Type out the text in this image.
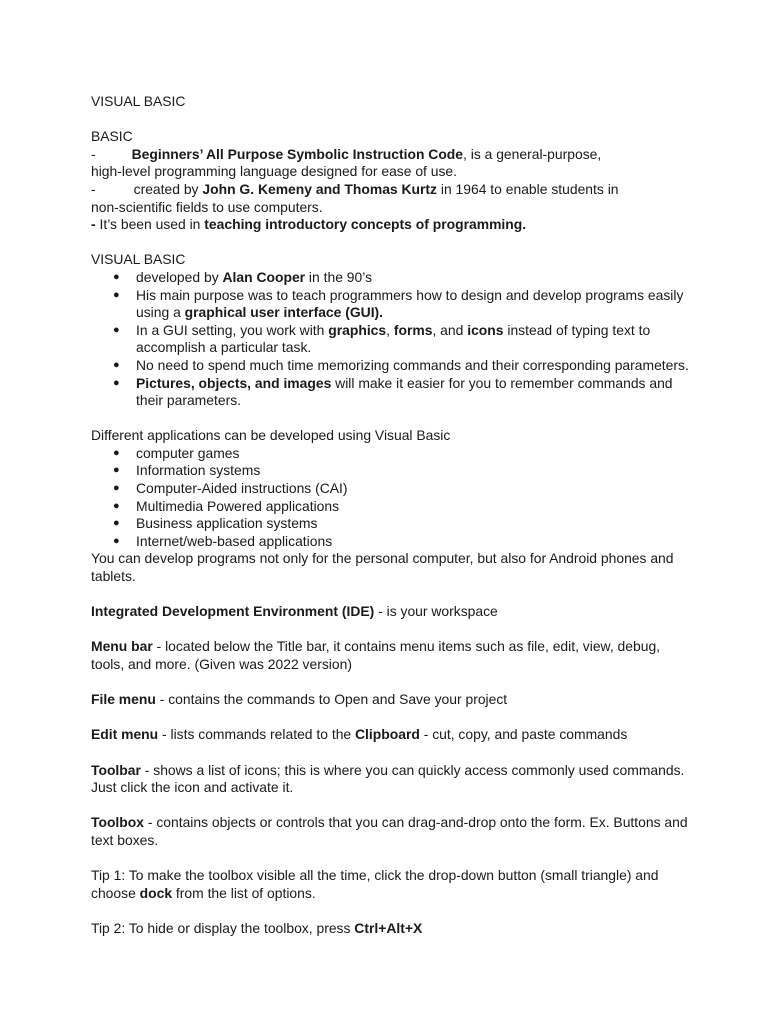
VISUAL BASIC

BASIC

-	Beginners’ All Purpose Symbolic Instruction Code, is a general-purpose,

high-level programming language designed for ease of use.

-	created by John G. Kemeny and Thomas Kurtz in 1964 to enable students in

non-scientific fields to use computers.

- It’s been used in teaching introductory concepts of programming.

VISUAL BASIC

● developed by Alan Cooper in the 90’s
● His main purpose was to teach programmers how to design and develop programs easily using a graphical user interface (GUI).
● In a GUI setting, you work with graphics, forms, and icons instead of typing text to accomplish a particular task.
● No need to spend much time memorizing commands and their corresponding parameters.
● Pictures, objects, and images will make it easier for you to remember commands and their parameters.

Different applications can be developed using Visual Basic

● computer games
● Information systems
● Computer-Aided instructions (CAI)
● Multimedia Powered applications
● Business application systems
● Internet/web-based applications

You can develop programs not only for the personal computer, but also for Android phones and tablets.

Integrated Development Environment (IDE) - is your workspace

Menu bar - located below the Title bar, it contains menu items such as file, edit, view, debug, tools, and more. (Given was 2022 version)

File menu - contains the commands to Open and Save your project

Edit menu - lists commands related to the Clipboard - cut, copy, and paste commands

Toolbar - shows a list of icons; this is where you can quickly access commonly used commands. Just click the icon and activate it.

Toolbox - contains objects or controls that you can drag-and-drop onto the form. Ex. Buttons and text boxes.

Tip 1: To make the toolbox visible all the time, click the drop-down button (small triangle) and choose dock from the list of options.

Tip 2: To hide or display the toolbox, press Ctrl+Alt+X
